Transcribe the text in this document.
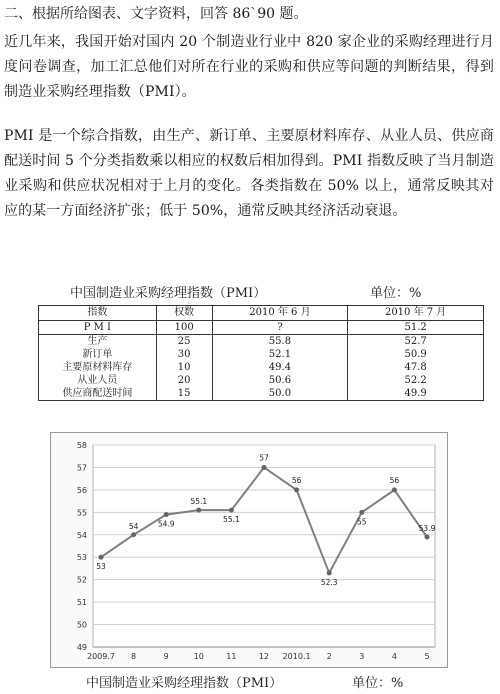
二、根据所给图表、文字资料，回答 86`90 题。

近几年来，我国开始对国内 20 个制造业行业中 820 家企业的采购经理进行月度问卷调查，加工汇总他们对所在行业的采购和供应等问题的判断结果，得到制造业采购经理指数（PMI）。

PMI 是一个综合指数，由生产、新订单、主要原材料库存、从业人员、供应商配送时间 5 个分类指数乘以相应的权数后相加得到。PMI 指数反映了当月制造业采购和供应状况相对于上月的变化。各类指数在 50% 以上，通常反映其对应的某一方面经济扩张；低于 50%，通常反映其经济活动衰退。

中国制造业采购经理指数（PMI）	单位：%
指数	权数	2010 年 6 月	2010 年 7 月
P M I	100	?	51.2
生产	25	55.8	52.7
新订单	30	52.1	50.9
主要原材料库存	10	49.4	47.8
从业人员	20	50.6	52.2
供应商配送时间	15	50.0	49.9
49
50
51
52
53
54
55
56
57
58
2009.7 8	9	10	11	12 2010.1 2	3	4	5
53
54	54.9
55.1
55.1
57
56
52.3
55
56
53.9
中国制造业采购经理指数（PMI）	单位：%
